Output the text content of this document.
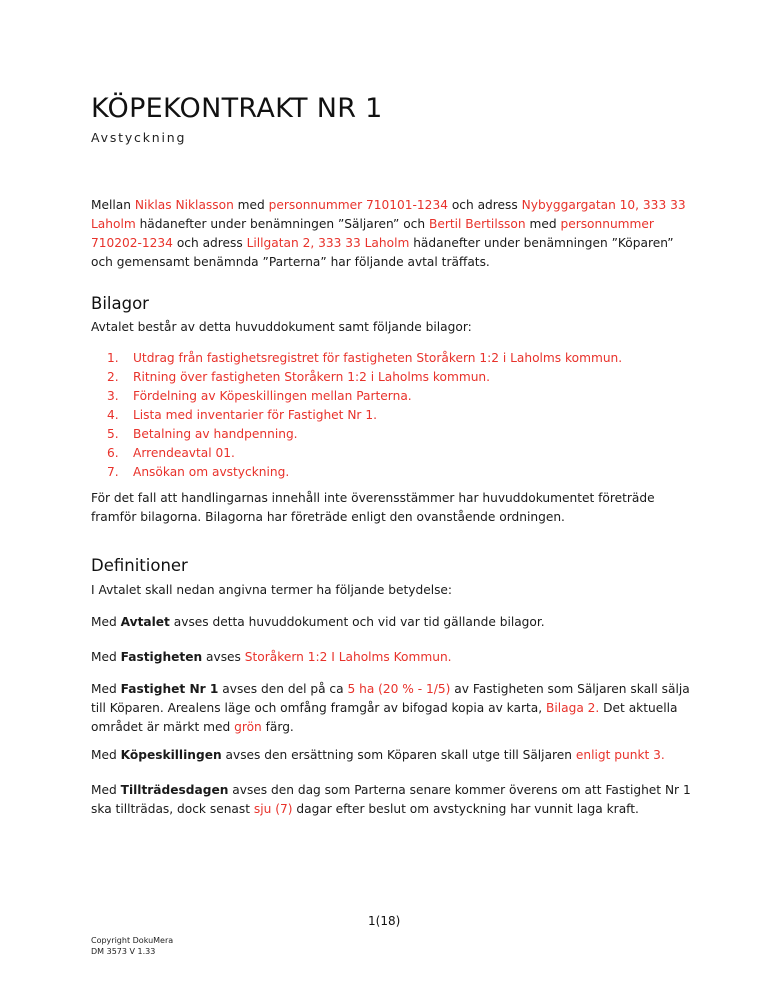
KÖPEKONTRAKT NR 1
Avstyckning

Mellan Niklas Niklasson med personnummer 710101-1234 och adress Nybyggargatan 10, 333 33 Laholm hädanefter under benämningen ”Säljaren” och Bertil Bertilsson med personnummer 710202-1234 och adress Lillgatan 2, 333 33 Laholm hädanefter under benämningen ”Köparen” och gemensamt benämnda ”Parterna” har följande avtal träffats.

Bilagor

Avtalet består av detta huvuddokument samt följande bilagor:

1. Utdrag från fastighetsregistret för fastigheten Storåkern 1:2 i Laholms kommun.
2. Ritning över fastigheten Storåkern 1:2 i Laholms kommun.
3. Fördelning av Köpeskillingen mellan Parterna.
4. Lista med inventarier för Fastighet Nr 1.
5. Betalning av handpenning.
6. Arrendeavtal 01.
7. Ansökan om avstyckning.

För det fall att handlingarnas innehåll inte överensstämmer har huvuddokumentet företräde framför bilagorna. Bilagorna har företräde enligt den ovanstående ordningen.

Definitioner

I Avtalet skall nedan angivna termer ha följande betydelse:

Med Avtalet avses detta huvuddokument och vid var tid gällande bilagor.

Med Fastigheten avses Storåkern 1:2 I Laholms Kommun.

Med Fastighet Nr 1 avses den del på ca 5 ha (20 % - 1/5) av Fastigheten som Säljaren skall sälja till Köparen. Arealens läge och omfång framgår av bifogad kopia av karta, Bilaga 2. Det aktuella området är märkt med grön färg.

Med Köpeskillingen avses den ersättning som Köparen skall utge till Säljaren enligt punkt 3.

Med Tillträdesdagen avses den dag som Parterna senare kommer överens om att Fastighet Nr 1 ska tillträdas, dock senast sju (7) dagar efter beslut om avstyckning har vunnit laga kraft.

1(18)
Copyright DokuMera
DM 3573 V 1.33
